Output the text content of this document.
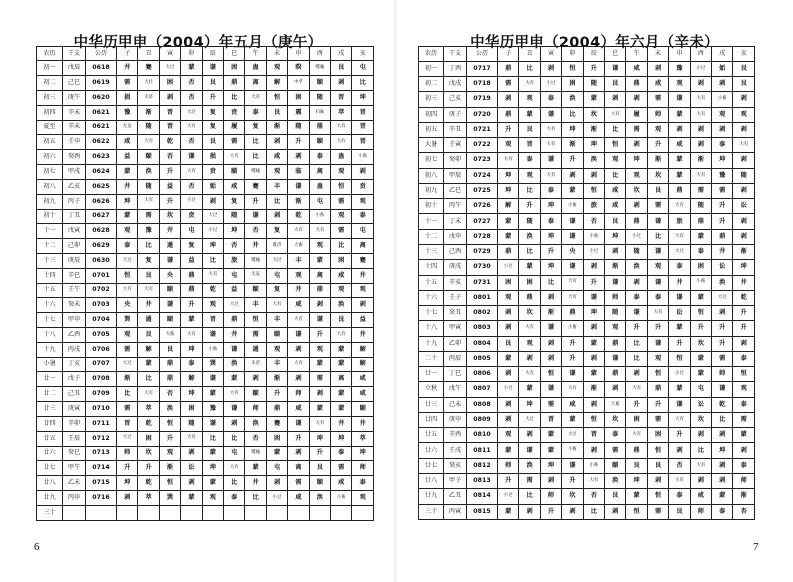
中华历甲申（2004）年五月（庚午）
农历	干支	公历	子	丑	寅	卯	辰	巳	午	未	申	酉	戌	亥
初一	戊辰	0618	井	蹇	大过	蒙	谦	困	蛊	观	睽	噬嗑	艮	屯
初二	己巳	0619	需	大壮	困	否	艮	鼎	离	解	中孚	颐	剥	比
初三	庚午	0620	损	未济	剥	否	升	比	大有	恒	困	随	晋	坤
初四	辛未	0621	豫	渐	晋	大过	复	贲	泰	艮	震	归妹	萃	晋
夏至	辛未	0621	无妄	随	晋	大有	复	履	复	渐	随	鼎	大有	晋
初五	壬申	0622	咸	大有	乾	否	艮	需	比	剥	升	颐	大有	晋
初六	癸酉	0623	益	颐	否	谦	损	大有	比	咸	剥	泰	蛊	小畜
初七	甲戌	0624	蒙	涣	升	大有	贲	颐	噬嗑	观	临	离	观	剥
初八	乙亥	0625	井	随	益	否	姤	咸	蹇	丰	谦	蛊	恒	贲
初九	丙子	0626	坤	大有	升	小过	剥	复	升	比	渐	屯	需	观
初十	丁丑	0627	蒙	需	坎	贲	大过	随	谦	剥	乾	小畜	观	泰
十一	戊寅	0628	观	豫	井	屯	小过	坤	否	复	大有	大有	需	屯
十二	己卯	0629	泰	比	遁	复	坤	否	井	既济	大畜	观	比	离
十三	庚辰	0630	大过	复	谦	益	比	旅	噬嗑	大过	丰	蒙	困	蹇
十四	辛巳	0701	恒	艮	央	鼎	大有	屯	无妄	屯	观	离	咸	井
十五	壬午	0702	大有	大有	颐	鼎	乾	益	颐	复	井	鼎	观	观
十六	癸未	0703	央	井	谦	升	观	大过	丰	大有	咸	剥	涣	剥
十七	甲申	0704	巽	遁	颐	蒙	晋	鼎	恒	丰	大有	谦	艮	益
十八	乙酉	0705	观	艮	大畜	大有	谦	井	需	颐	谦	升	大有	井
十九	丙戌	0706	需	解	艮	坤	小畜	谦	遁	观	剥	观	蒙	解
小暑	丁亥	0707	大过	蒙	鼎	泰	巽	涣	未济	丰	大有	蒙	蒙	解
廿一	戊子	0708	渐	比	鼎	解	谦	蒙	剥	渐	剥	需	离	咸
廿二	己丑	0709	比	大有	否	坤	蒙	大有	颐	升	师	剥	蒙	咸
廿三	庚寅	0710	需	萃	涣	困	豫	谦	师	鼎	咸	蒙	蒙	颐
廿四	辛卯	0711	晋	乾	恒	随	谦	剥	涣	蹇	谦	大有	井	井
廿五	壬辰	0712	大过	困	升	大有	比	比	否	困	升	坤	坤	萃
廿六	癸巳	0713	师	坎	观	剥	蒙	屯	噬嗑	蒙	剥	升	泰	坤
廿七	甲午	0714	升	升	渐	讼	坤	大有	蒙	屯	离	艮	需	师
廿八	乙未	0715	坤	乾	恒	剥	蒙	比	井	剥	需	颐	咸	泰
廿九	丙申	0716	剥	萃	巽	蒙	观	泰	比	小过	咸	涣	小畜	观
三十														
6
中华历甲申（2004）年六月（辛未）
农历	干支	公历	子	丑	寅	卯	辰	巳	午	未	申	酉	戌	亥
初一	丁酉	0717	鼎	比	剥	恒	升	谦	咸	剥	豫	小过	姤	艮
初二	戊戌	0718	需	大有	小过	困	随	艮	鼎	咸	观	剥	剥	艮
初三	己亥	0719	剥	观	泰	涣	蒙	剥	剥	需	谦	大有	小畜	剥
初四	庚子	0720	鼎	蒙	谦	比	坎	大有	履	师	蒙	大有	观	观
初五	辛丑	0721	升	艮	大有	坤	渐	比	需	观	剥	剥	剥	剥
大暑	壬寅	0722	观	晋	大有	渐	坤	恒	剥	升	咸	剥	泰	大有
初七	癸卯	0723	大有	泰	谦	升	涣	观	坤	渐	蒙	渐	坤	剥
初八	甲辰	0724	坤	观	大有	剥	剥	比	观	坎	蒙	大有	豫	随
初九	乙巳	0725	坤	比	泰	蒙	恒	咸	坎	艮	鼎	需	需	剥
初十	丙午	0726	解	升	坤	小畜	旅	咸	剥	需	大有	随	升	讼
十一	丁未	0727	蒙	随	泰	谦	否	艮	鼎	谦	旅	鼎	升	剥
十二	戊申	0728	蒙	涣	坤	谦	小畜	坤	小过	比	大有	蒙	鼎	剥
十三	己酉	0729	鼎	比	升	央	小过	剥	随	谦	大过	泰	井	渐
十四	庚戌	0730	小过	蒙	坤	谦	剥	渐	涣	观	泰	困	讼	坤
十五	辛亥	0731	困	困	比	大有	升	谦	剥	谦	井	小畜	涣	井
十六	壬子	0801	观	鼎	剥	大有	谦	师	泰	泰	谦	蒙	大过	乾
十七	癸丑	0802	剥	坎	渐	鼎	坤	随	谦	大有	讼	恒	剥	升
十八	甲寅	0803	剥	大有	谦	小畜	剥	观	升	升	蒙	升	升	升
十九	乙卯	0804	艮	观	剥	升	蒙	鼎	比	谦	升	坎	升	剥
二十	丙辰	0805	蒙	剥	剥	升	剥	谦	比	观	恒	蒙	需	泰
廿一	丁巳	0806	剥	大有	恒	谦	蒙	鼎	剥	恒	小过	蒙	师	恒
立秋	戊午	0807	小过	蒙	谦	大有	渐	剥	大有	鼎	蒙	屯	谦	观
廿三	己未	0808	剥	坤	需	咸	剥	大畜	升	升	谦	讼	乾	泰
廿四	庚申	0809	剥	大过	晋	蒙	恒	坎	困	需	大有	坎	比	需
廿五	辛酉	0810	观	剥	蒙	大过	晋	泰	大有	困	升	剥	剥	蒙
廿六	壬戌	0811	蒙	谦	蒙	小畜	剥	需	鼎	恒	剥	比	坤	剥
廿七	癸亥	0812	师	涣	坤	谦	小畜	颐	艮	艮	否	大有	剥	泰
廿八	甲子	0813	升	需	剥	升	大有	涣	坤	剥	大有	剥	剥	师
廿九	乙丑	0814	小过	比	师	坎	否	艮	蒙	恒	泰	咸	蒙	渐
三十	丙寅	0815	蒙	剥	升	剥	比	剥	恒	需	艮	师	泰	杏
7
